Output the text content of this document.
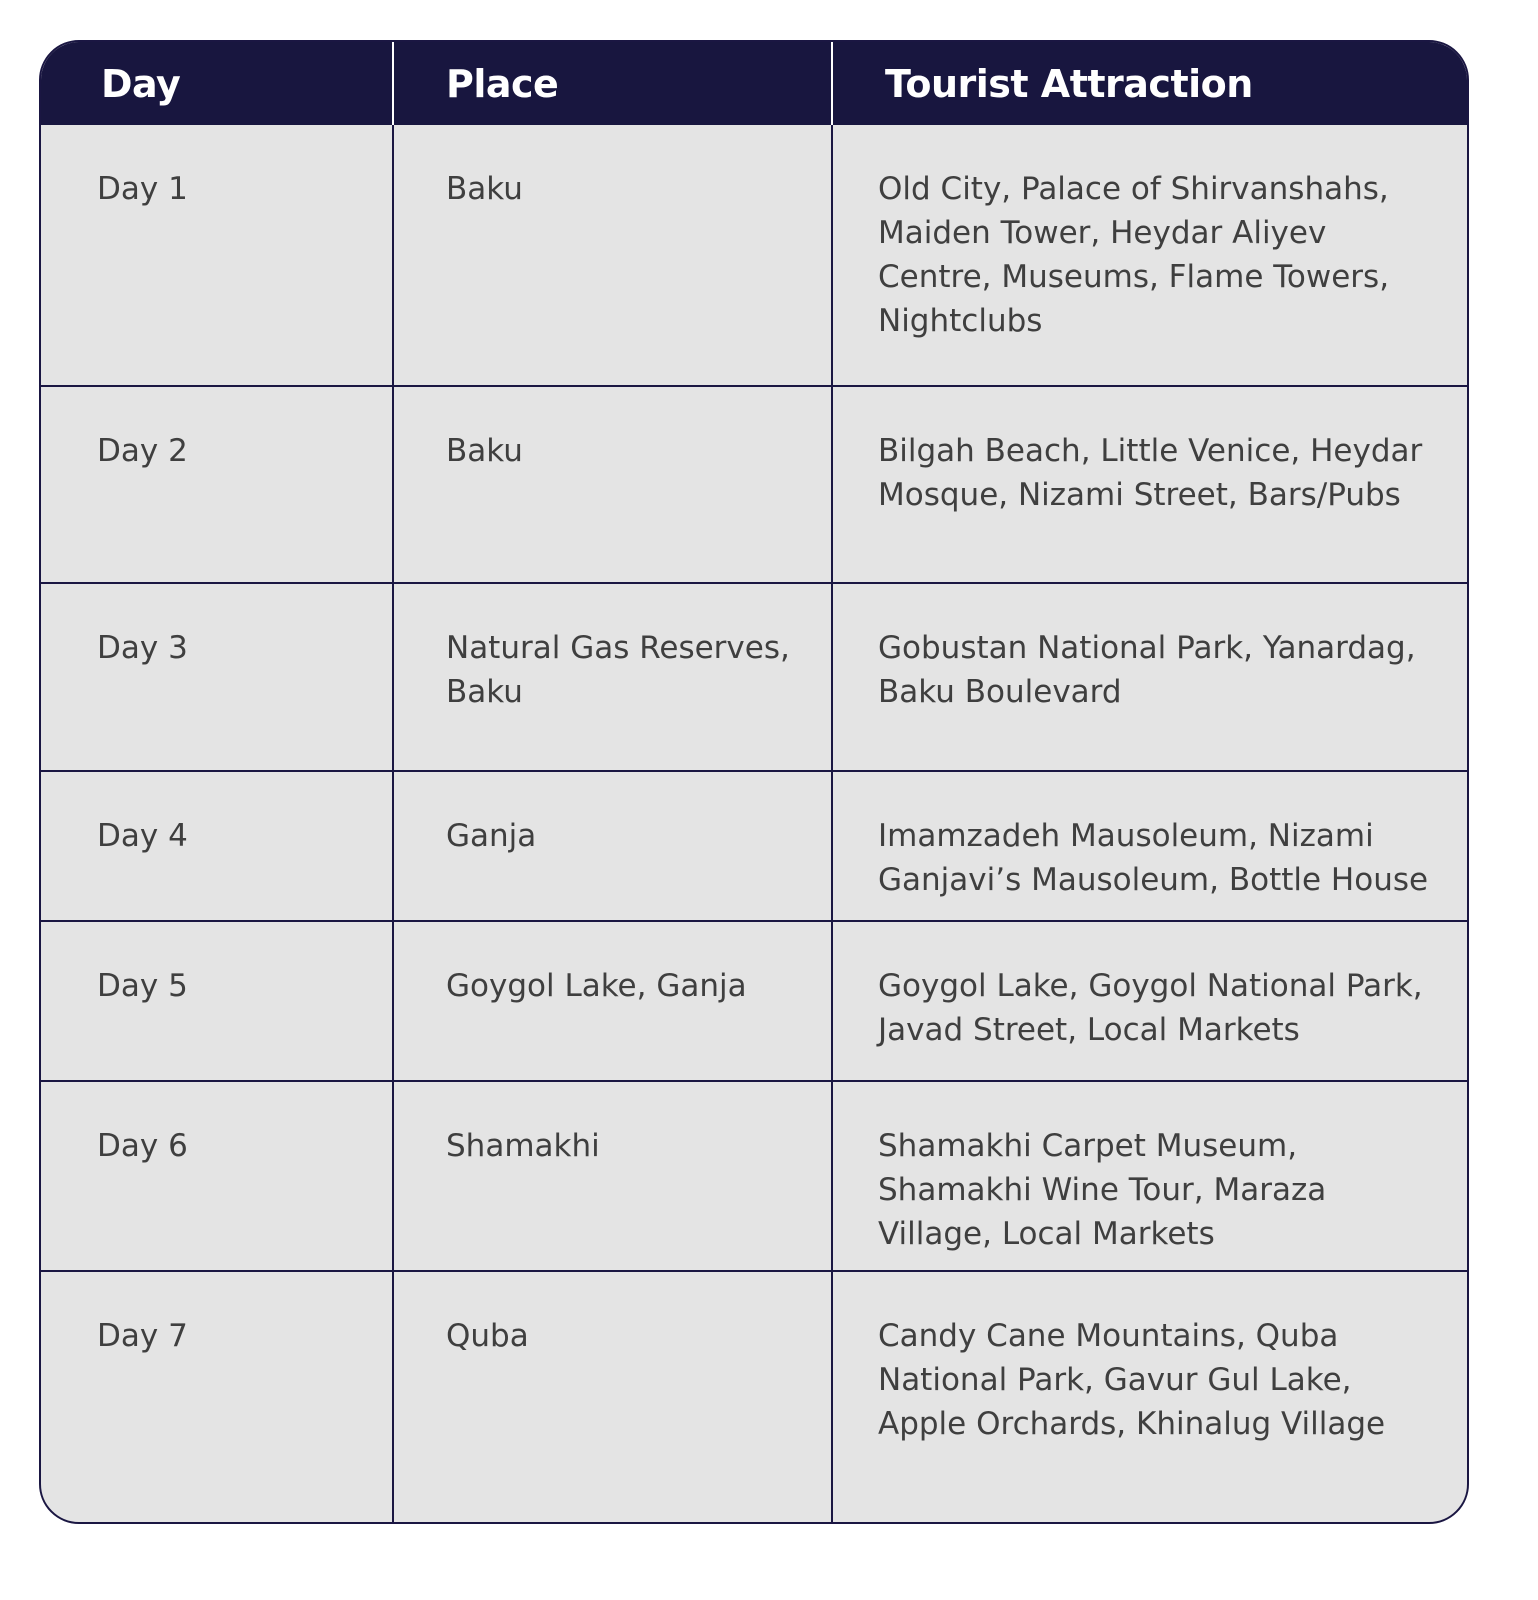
Day	Place	Tourist Attraction
Day 1	Baku	Old City, Palace of Shirvanshahs, Maiden Tower, Heydar Aliyev Centre, Museums, Flame Towers, Nightclubs
Day 2	Baku	Bilgah Beach, Little Venice, Heydar Mosque, Nizami Street, Bars/Pubs
Day 3	Natural Gas Reserves, Baku	Gobustan National Park, Yanardag, Baku Boulevard
Day 4	Ganja	Imamzadeh Mausoleum, Nizami Ganjavi’s Mausoleum, Bottle House
Day 5	Goygol Lake, Ganja	Goygol Lake, Goygol National Park, Javad Street, Local Markets
Day 6	Shamakhi	Shamakhi Carpet Museum, Shamakhi Wine Tour, Maraza Village, Local Markets
Day 7	Quba	Candy Cane Mountains, Quba National Park, Gavur Gul Lake, Apple Orchards, Khinalug Village
